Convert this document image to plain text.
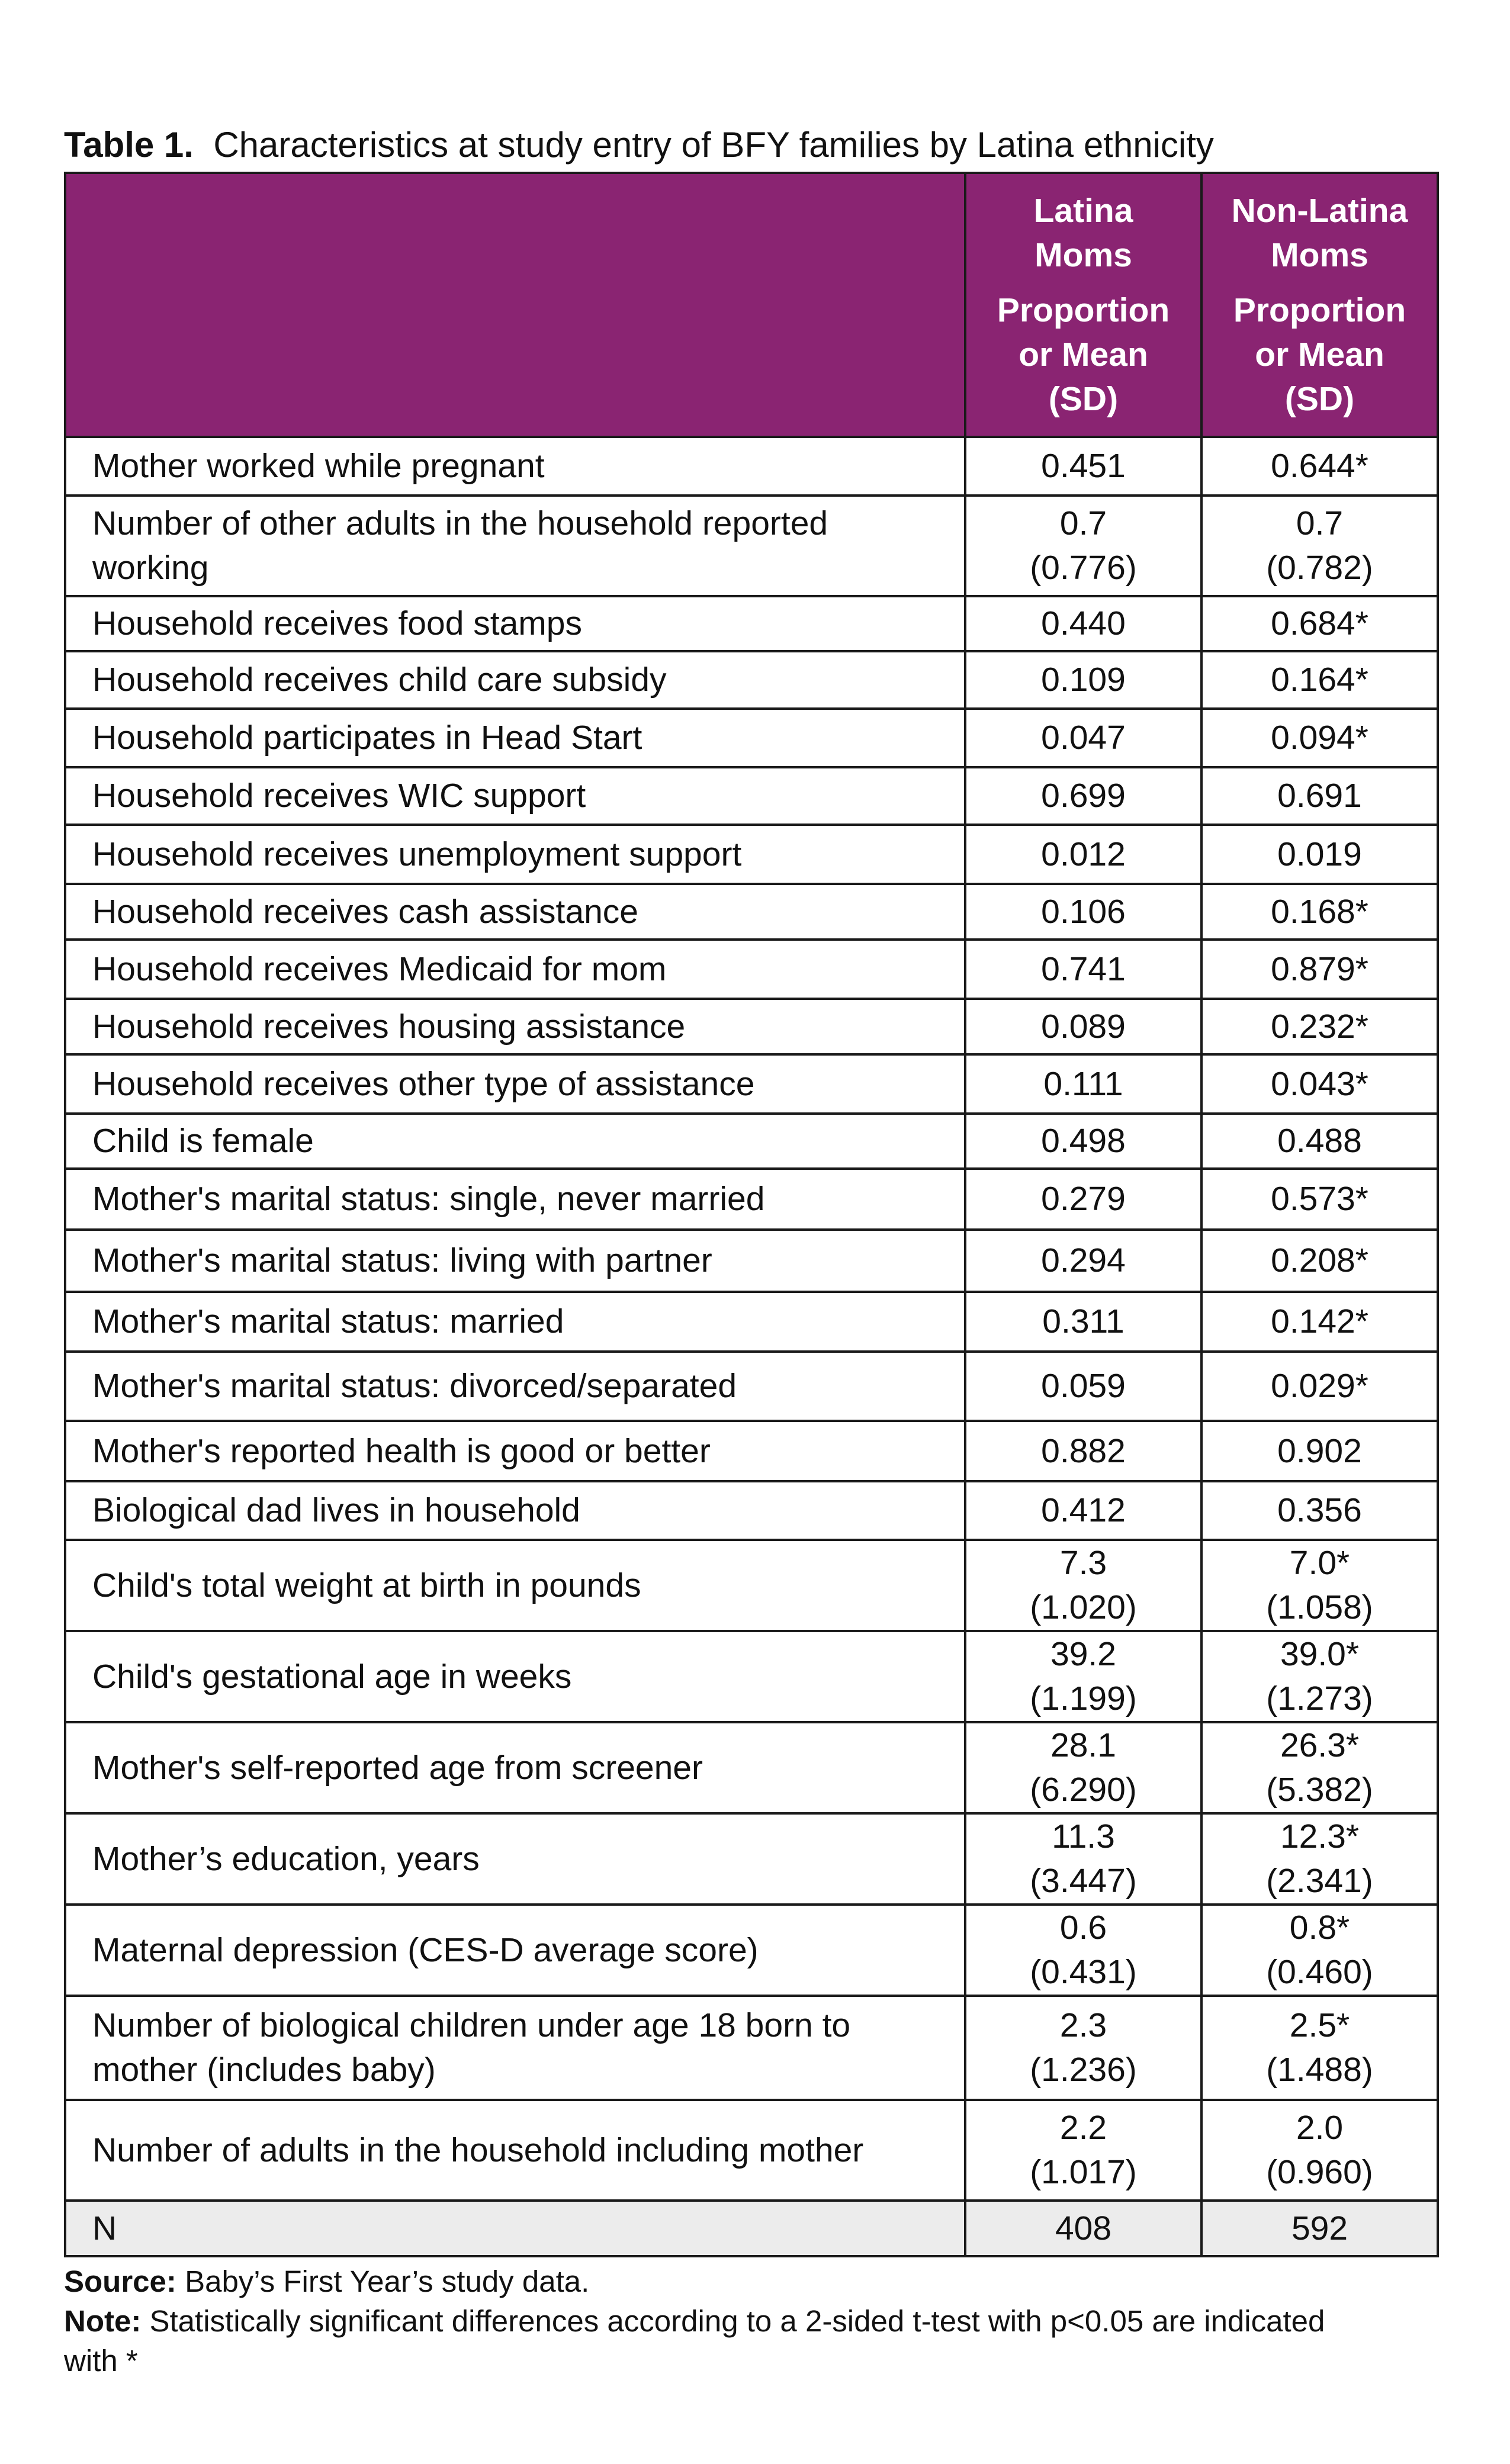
Table 1. Characteristics at study entry of BFY families by Latina ethnicity
	Latina
Moms
Proportion
or Mean
(SD)	Non-Latina
Moms
Proportion
or Mean
(SD)
Mother worked while pregnant	0.451	0.644*

Number of other adults in the household reported working	0.7
(0.776)	0.7
(0.782)

Household receives food stamps	0.440	0.684*

Household receives child care subsidy	0.109	0.164*

Household participates in Head Start	0.047	0.094*

Household receives WIC support	0.699	0.691

Household receives unemployment support	0.012	0.019

Household receives cash assistance	0.106	0.168*

Household receives Medicaid for mom	0.741	0.879*

Household receives housing assistance	0.089	0.232*

Household receives other type of assistance	0.111	0.043*

Child is female	0.498	0.488

Mother's marital status: single, never married	0.279	0.573*

Mother's marital status: living with partner	0.294	0.208*

Mother's marital status: married	0.311	0.142*

Mother's marital status: divorced/separated	0.059	0.029*

Mother's reported health is good or better	0.882	0.902

Biological dad lives in household	0.412	0.356

Child's total weight at birth in pounds	7.3
(1.020)	7.0*
(1.058)

Child's gestational age in weeks	39.2
(1.199)	39.0*
(1.273)

Mother's self-reported age from screener	28.1
(6.290)	26.3*
(5.382)

Mother’s education, years	11.3
(3.447)	12.3*
(2.341)

Maternal depression (CES-D average score)	0.6
(0.431)	0.8*
(0.460)

Number of biological children under age 18 born to mother (includes baby)	2.3
(1.236)	2.5*
(1.488)

Number of adults in the household including mother	2.2
(1.017)	2.0
(0.960)

N	408	592

Source: Baby’s First Year’s study data.

Note: Statistically significant differences according to a 2-sided t-test with p<0.05 are indicated with *
